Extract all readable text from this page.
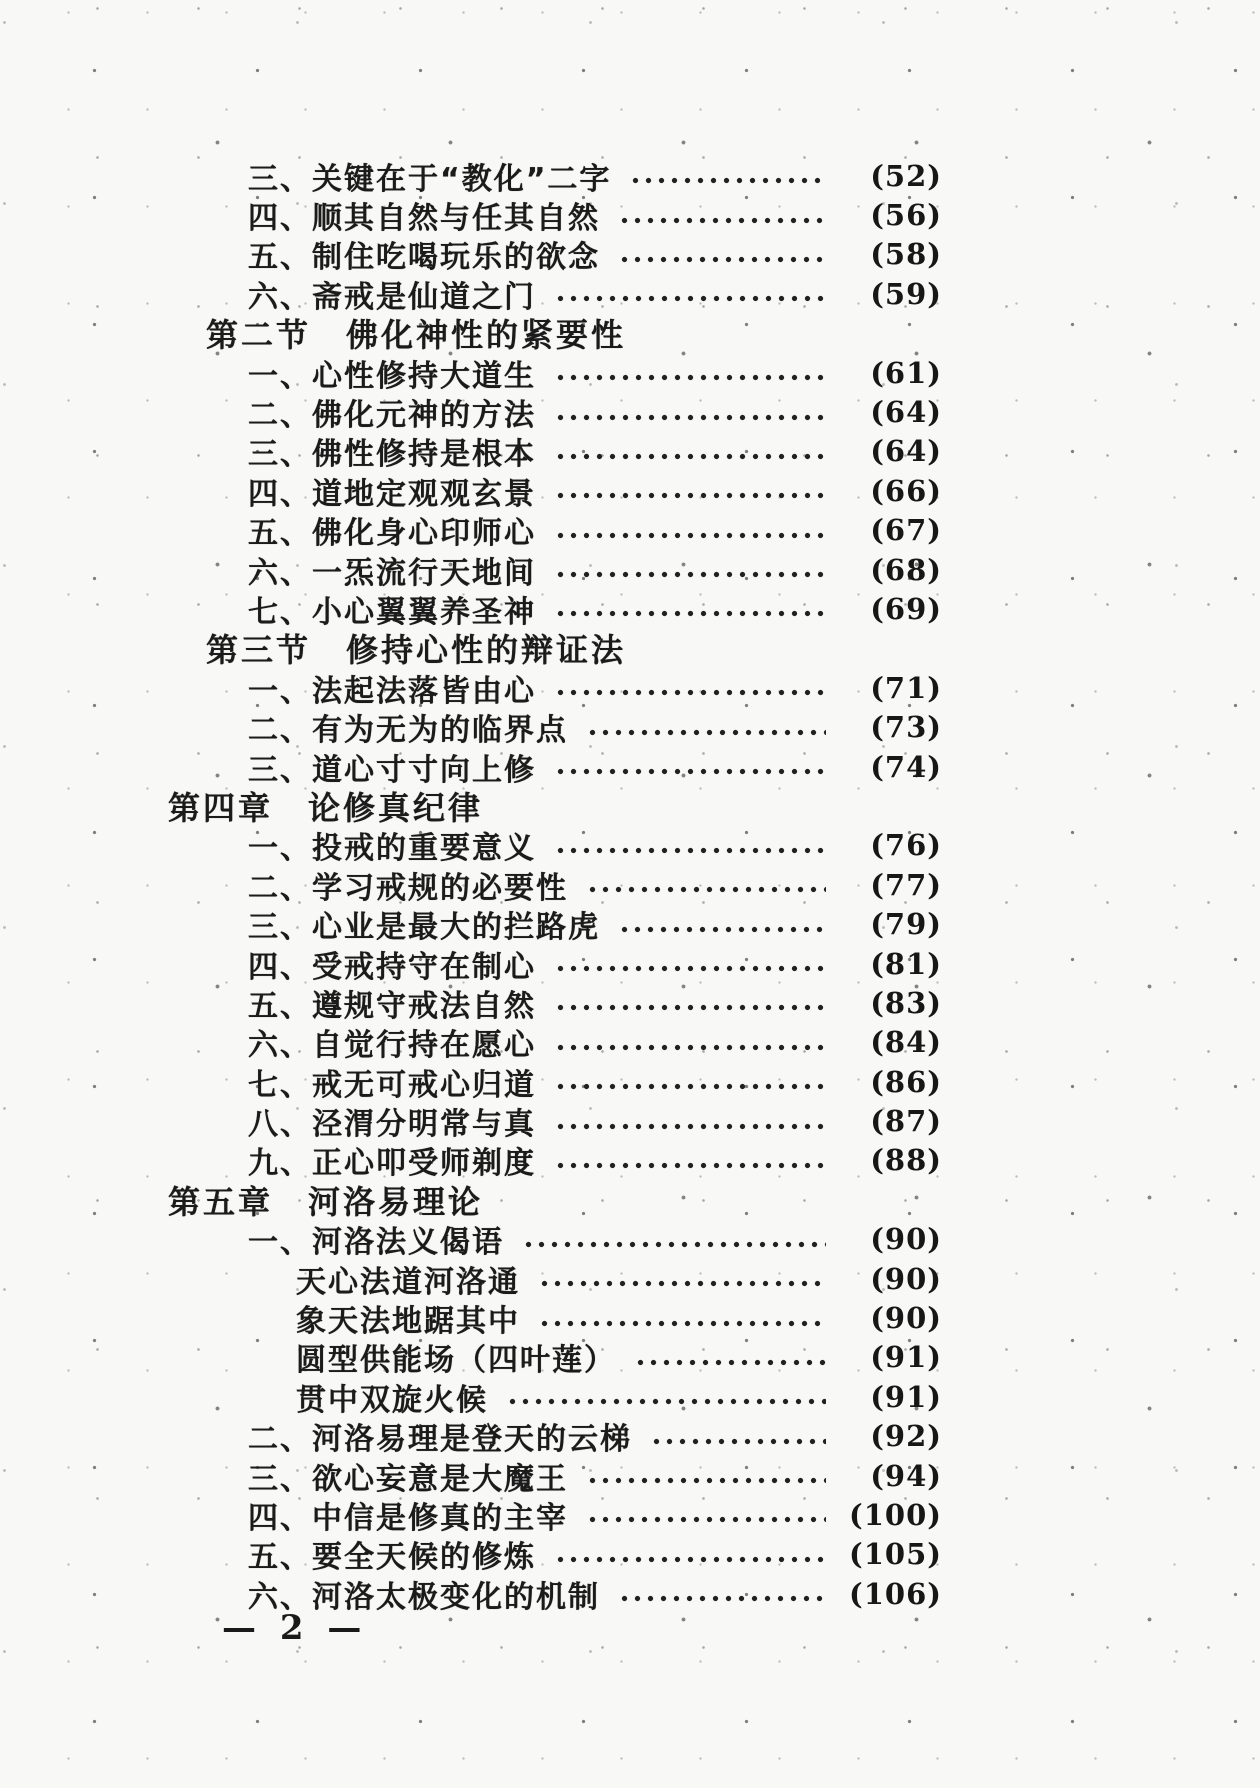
三、关键在于“教化”二字	(52)
四、顺其自然与任其自然	(56)
五、制住吃喝玩乐的欲念	(58)
六、斋戒是仙道之门	(59)
第二节　佛化神性的紧要性
一、心性修持大道生	(61)
二、佛化元神的方法	(64)
三、佛性修持是根本	(64)
四、道地定观观玄景	(66)
五、佛化身心印师心	(67)
六、一炁流行天地间	(68)
七、小心翼翼养圣神	(69)
第三节　修持心性的辩证法
一、法起法落皆由心	(71)
二、有为无为的临界点	(73)
三、道心寸寸向上修	(74)
第四章　论修真纪律
一、投戒的重要意义	(76)
二、学习戒规的必要性	(77)
三、心业是最大的拦路虎	(79)
四、受戒持守在制心	(81)
五、遵规守戒法自然	(83)
六、自觉行持在愿心	(84)
七、戒无可戒心归道	(86)
八、泾渭分明常与真	(87)
九、正心叩受师剃度	(88)
第五章　河洛易理论
一、河洛法义偈语	(90)
天心法道河洛通	(90)
象天法地踞其中	(90)
圆型供能场（四叶莲）	(91)
贯中双旋火候	(91)
二、河洛易理是登天的云梯	(92)
三、欲心妄意是大魔王	(94)
四、中信是修真的主宰	(100)
五、要全天候的修炼	(105)
六、河洛太极变化的机制	(106)
— 2 —
